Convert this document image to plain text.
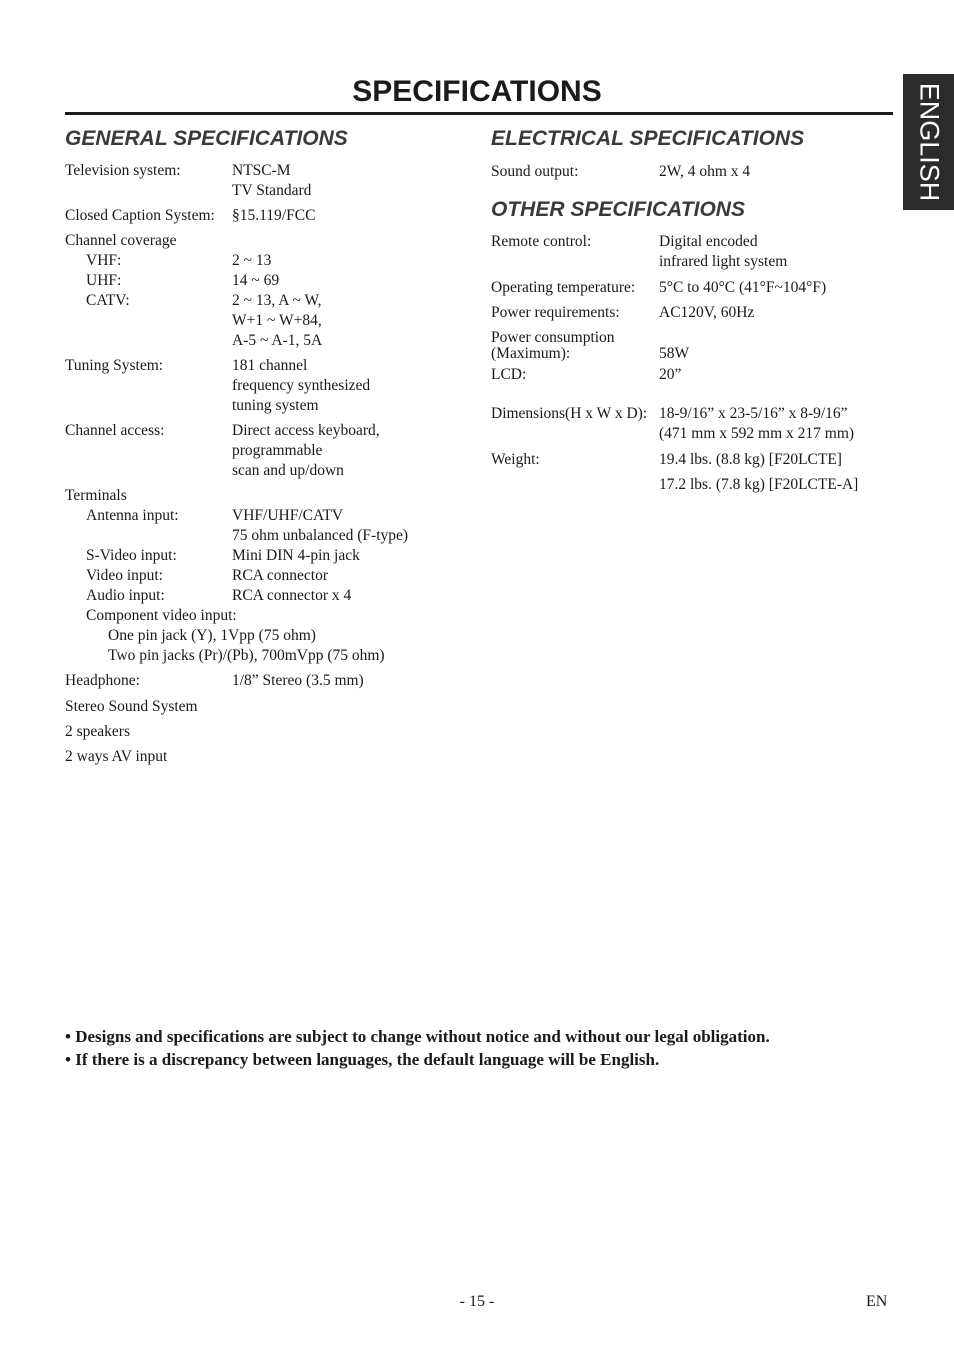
SPECIFICATIONS	ENGLISH
GENERAL SPECIFICATIONS
Television system:	NTSC-M
TV Standard
Closed Caption System: §15.119/FCC
Channel coverage
VHF:	2 ~ 13
UHF:	14 ~ 69
CATV:	2 ~ 13, A ~ W,
W+1 ~ W+84,
A-5 ~ A-1, 5A
Tuning System:	181 channel
frequency synthesized
tuning system
Channel access:	Direct access keyboard,
programmable
scan and up/down
Terminals
Antenna input:	VHF/UHF/CATV
75 ohm unbalanced (F-type)
S-Video input:	Mini DIN 4-pin jack
Video input:	RCA connector
Audio input:	RCA connector x 4
Component video input:
One pin jack (Y), 1Vpp (75 ohm)
Two pin jacks (Pr)/(Pb), 700mVpp (75 ohm)
Headphone:	1/8” Stereo (3.5 mm)
Stereo Sound System
2 speakers
2 ways AV input
ELECTRICAL SPECIFICATIONS
Sound output:	2W, 4 ohm x 4
OTHER SPECIFICATIONS
Remote control:	Digital encoded
infrared light system
Operating temperature: 5°C to 40°C (41°F~104°F)
Power requirements:	AC120V, 60Hz
Power consumption
(Maximum):	58W
LCD:	20”
Dimensions(H x W x D): 18-9/16” x 23-5/16” x 8-9/16”
(471 mm x 592 mm x 217 mm)
Weight:	19.4 lbs. (8.8 kg) [F20LCTE]
17.2 lbs. (7.8 kg) [F20LCTE-A]
• Designs and specifications are subject to change without notice and without our legal obligation.
• If there is a discrepancy between languages, the default language will be English.
- 15 -	EN
